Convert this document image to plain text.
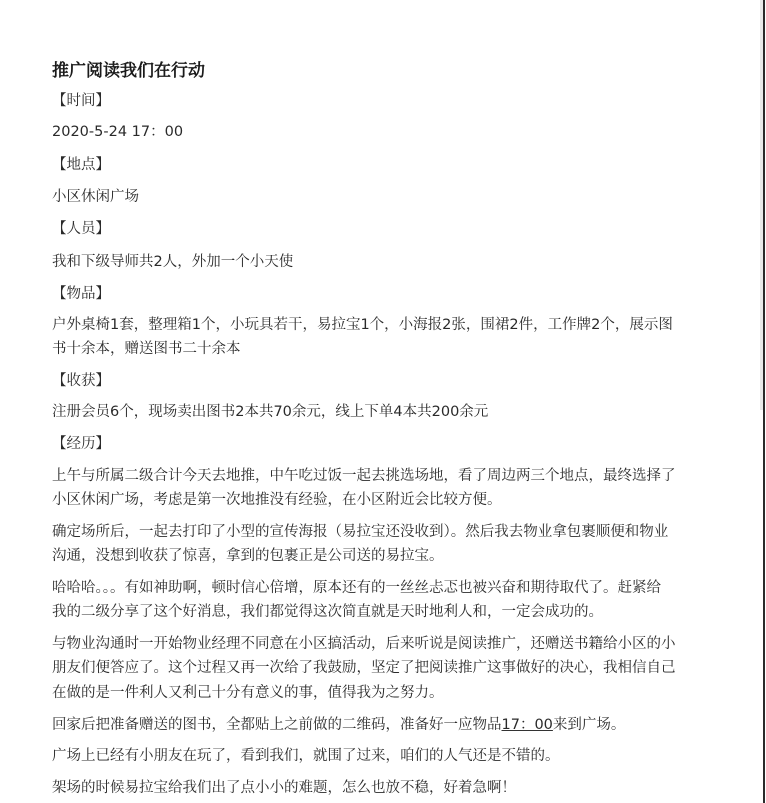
推广阅读我们在行动
【时间】
2020-5-24 17：00
【地点】
小区休闲广场
【人员】
我和下级导师共2人，外加一个小天使
【物品】
户外桌椅1套，整理箱1个，小玩具若干，易拉宝1个，小海报2张，围裙2件，工作牌2个，展示图
书十余本，赠送图书二十余本
【收获】
注册会员6个，现场卖出图书2本共70余元，线上下单4本共200余元
【经历】
上午与所属二级合计今天去地推，中午吃过饭一起去挑选场地，看了周边两三个地点，最终选择了
小区休闲广场，考虑是第一次地推没有经验，在小区附近会比较方便。
确定场所后，一起去打印了小型的宣传海报（易拉宝还没收到）。然后我去物业拿包裹顺便和物业
沟通，没想到收获了惊喜，拿到的包裹正是公司送的易拉宝。
哈哈哈。。。有如神助啊，顿时信心倍增，原本还有的一丝丝忐忑也被兴奋和期待取代了。赶紧给
我的二级分享了这个好消息，我们都觉得这次简直就是天时地利人和，一定会成功的。
与物业沟通时一开始物业经理不同意在小区搞活动，后来听说是阅读推广，还赠送书籍给小区的小
朋友们便答应了。这个过程又再一次给了我鼓励，坚定了把阅读推广这事做好的决心，我相信自己
在做的是一件利人又利己十分有意义的事，值得我为之努力。
回家后把准备赠送的图书，全都贴上之前做的二维码，准备好一应物品17：00来到广场。
广场上已经有小朋友在玩了，看到我们，就围了过来，咱们的人气还是不错的。
架场的时候易拉宝给我们出了点小小的难题，怎么也放不稳，好着急啊！
